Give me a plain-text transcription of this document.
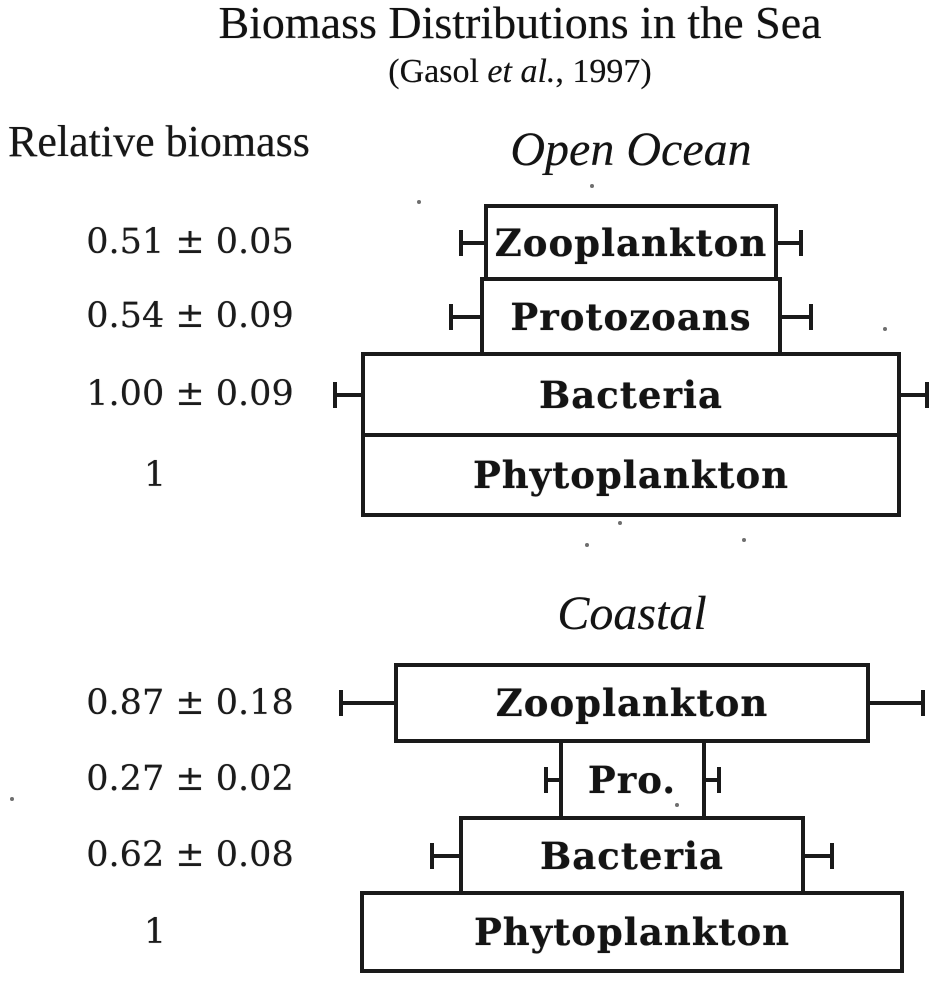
Biomass Distributions in the Sea
(Gasol et al., 1997)
Relative biomass	Open Ocean
Coastal
0.51 ± 0.05	Zooplankton
0.54 ± 0.09	Protozoans
1.00 ± 0.09	Bacteria
1	Phytoplankton
0.87 ± 0.18	Zooplankton
0.27 ± 0.02	Pro.
0.62 ± 0.08	Bacteria
1	Phytoplankton
